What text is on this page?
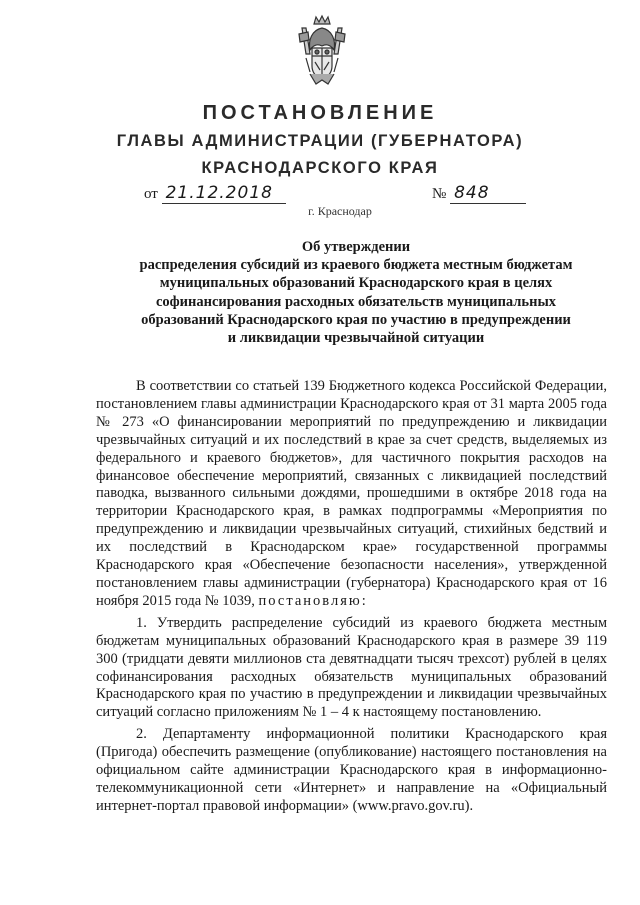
ПОСТАНОВЛЕНИЕ
ГЛАВЫ АДМИНИСТРАЦИИ (ГУБЕРНАТОРА)
КРАСНОДАРСКОГО КРАЯ
от 21.12.2018	№ 848
г. Краснодар
Об утверждении
распределения субсидий из краевого бюджета местным бюджетам
муниципальных образований Краснодарского края в целях
софинансирования расходных обязательств муниципальных
образований Краснодарского края по участию в предупреждении
и ликвидации чрезвычайной ситуации

В соответствии со статьей 139 Бюджетного кодекса Российской Федерации, постановлением главы администрации Краснодарского края от 31 марта 2005 года № 273 «О финансировании мероприятий по предупреждению и ликвидации чрезвычайных ситуаций и их последствий в крае за счет средств, выделяемых из федерального и краевого бюджетов», для частичного покрытия расходов на финансовое обеспечение мероприятий, связанных с ликвидацией последствий паводка, вызванного сильными дождями, прошедшими в октябре 2018 года на территории Краснодарского края, в рамках подпрограммы «Мероприятия по предупреждению и ликвидации чрезвычайных ситуаций, стихийных бедствий и их последствий в Краснодарском крае» государственной программы Краснодарского края «Обеспечение безопасности населения», утвержденной постановлением главы администрации (губернатора) Краснодарского края от 16 ноября 2015 года № 1039, постановляю:

1. Утвердить распределение субсидий из краевого бюджета местным бюджетам муниципальных образований Краснодарского края в размере 39 119 300 (тридцати девяти миллионов ста девятнадцати тысяч трехсот) рублей в целях софинансирования расходных обязательств муниципальных образований Краснодарского края по участию в предупреждении и ликвидации чрезвычайных ситуаций согласно приложениям № 1 – 4 к настоящему постановлению.

2. Департаменту информационной политики Краснодарского края (Пригода) обеспечить размещение (опубликование) настоящего постановления на официальном сайте администрации Краснодарского края в информационно-телекоммуникационной сети «Интернет» и направление на «Официальный интернет-портал правовой информации» (www.pravo.gov.ru).
